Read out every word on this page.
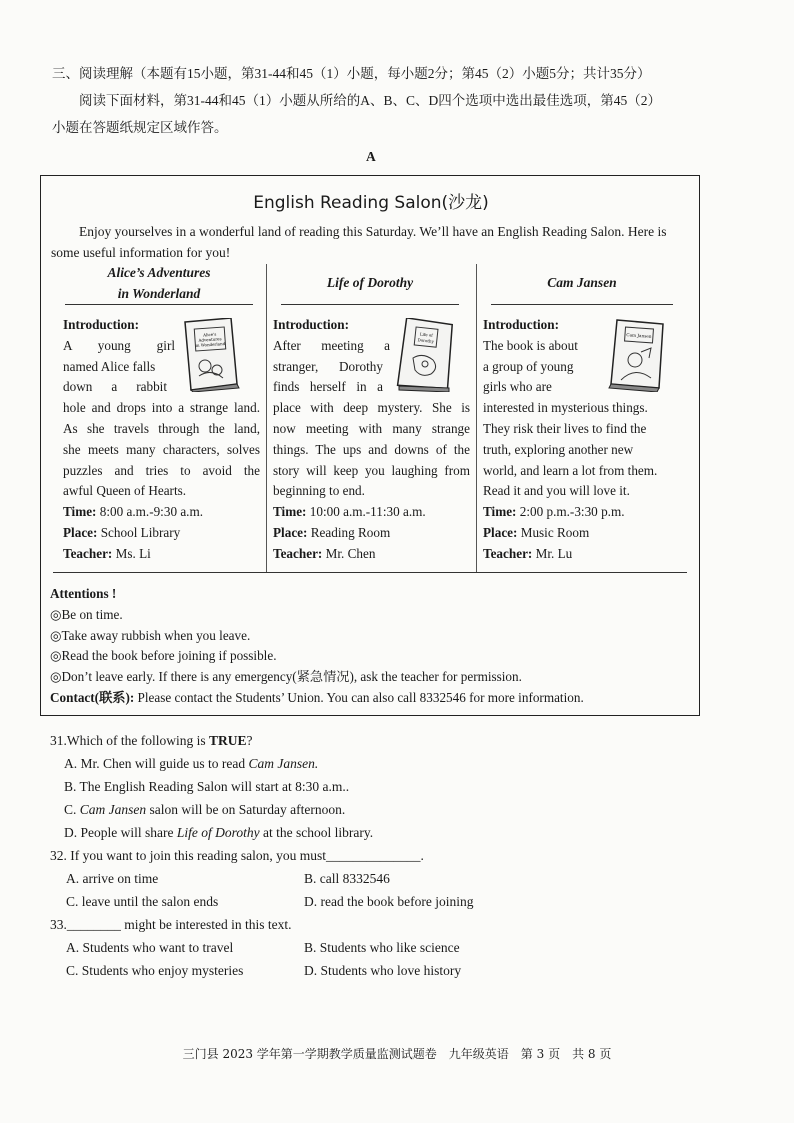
三、阅读理解（本题有15小题，第31-44和45（1）小题，每小题2分；第45（2）小题5分；共计35分）
阅读下面材料，第31-44和45（1）小题从所给的A、B、C、D四个选项中选出最佳选项，第45（2）
小题在答题纸规定区域作答。
A
English Reading Salon(沙龙)
Enjoy yourselves in a wonderful land of reading this Saturday. We’ll have an English Reading Salon. Here is
some useful information for you!
Alice’s Adventures
in Wonderland
Introduction:
A young girl
named Alice falls
down a rabbit
hole and drops into a strange land.
As she travels through the land,
she meets many characters, solves
puzzles and tries to avoid the
awful Queen of Hearts.
Time: 8:00 a.m.-9:30 a.m.
Place: School Library
Teacher: Ms. Li
Alice's
Adventures
in Wonderland
Life of Dorothy
Introduction:
After meeting a
stranger, Dorothy
finds herself in a
place with deep mystery. She is
now meeting with many strange
things. The ups and downs of the
story will keep you laughing from
beginning to end.
Time: 10:00 a.m.-11:30 a.m.
Place: Reading Room
Teacher: Mr. Chen
Life of
Dorothy
Cam Jansen
Introduction:
The book is about
a group of young
girls who are
interested in mysterious things.
They risk their lives to find the
truth, exploring another new
world, and learn a lot from them.
Read it and you will love it.
Time: 2:00 p.m.-3:30 p.m.
Place: Music Room
Teacher: Mr. Lu
Cam Jansen
Attentions !
◎Be on time.
◎Take away rubbish when you leave.
◎Read the book before joining if possible.
◎Don’t leave early. If there is any emergency(紧急情况), ask the teacher for permission.
Contact(联系): Please contact the Students’ Union. You can also call 8332546 for more information.
31.Which of the following is TRUE?
A. Mr. Chen will guide us to read Cam Jansen.
B. The English Reading Salon will start at 8:30 a.m..
C. Cam Jansen salon will be on Saturday afternoon.
D. People will share Life of Dorothy at the school library.
32. If you want to join this reading salon, you must______________.
A. arrive on time	B. call 8332546
C. leave until the salon ends	D. read the book before joining
33.________ might be interested in this text.
A. Students who want to travel	B. Students who like science
C. Students who enjoy mysteries	D. Students who love history
三门县 2023 学年第一学期教学质量监测试题卷　九年级英语　第 3 页　共 8 页
